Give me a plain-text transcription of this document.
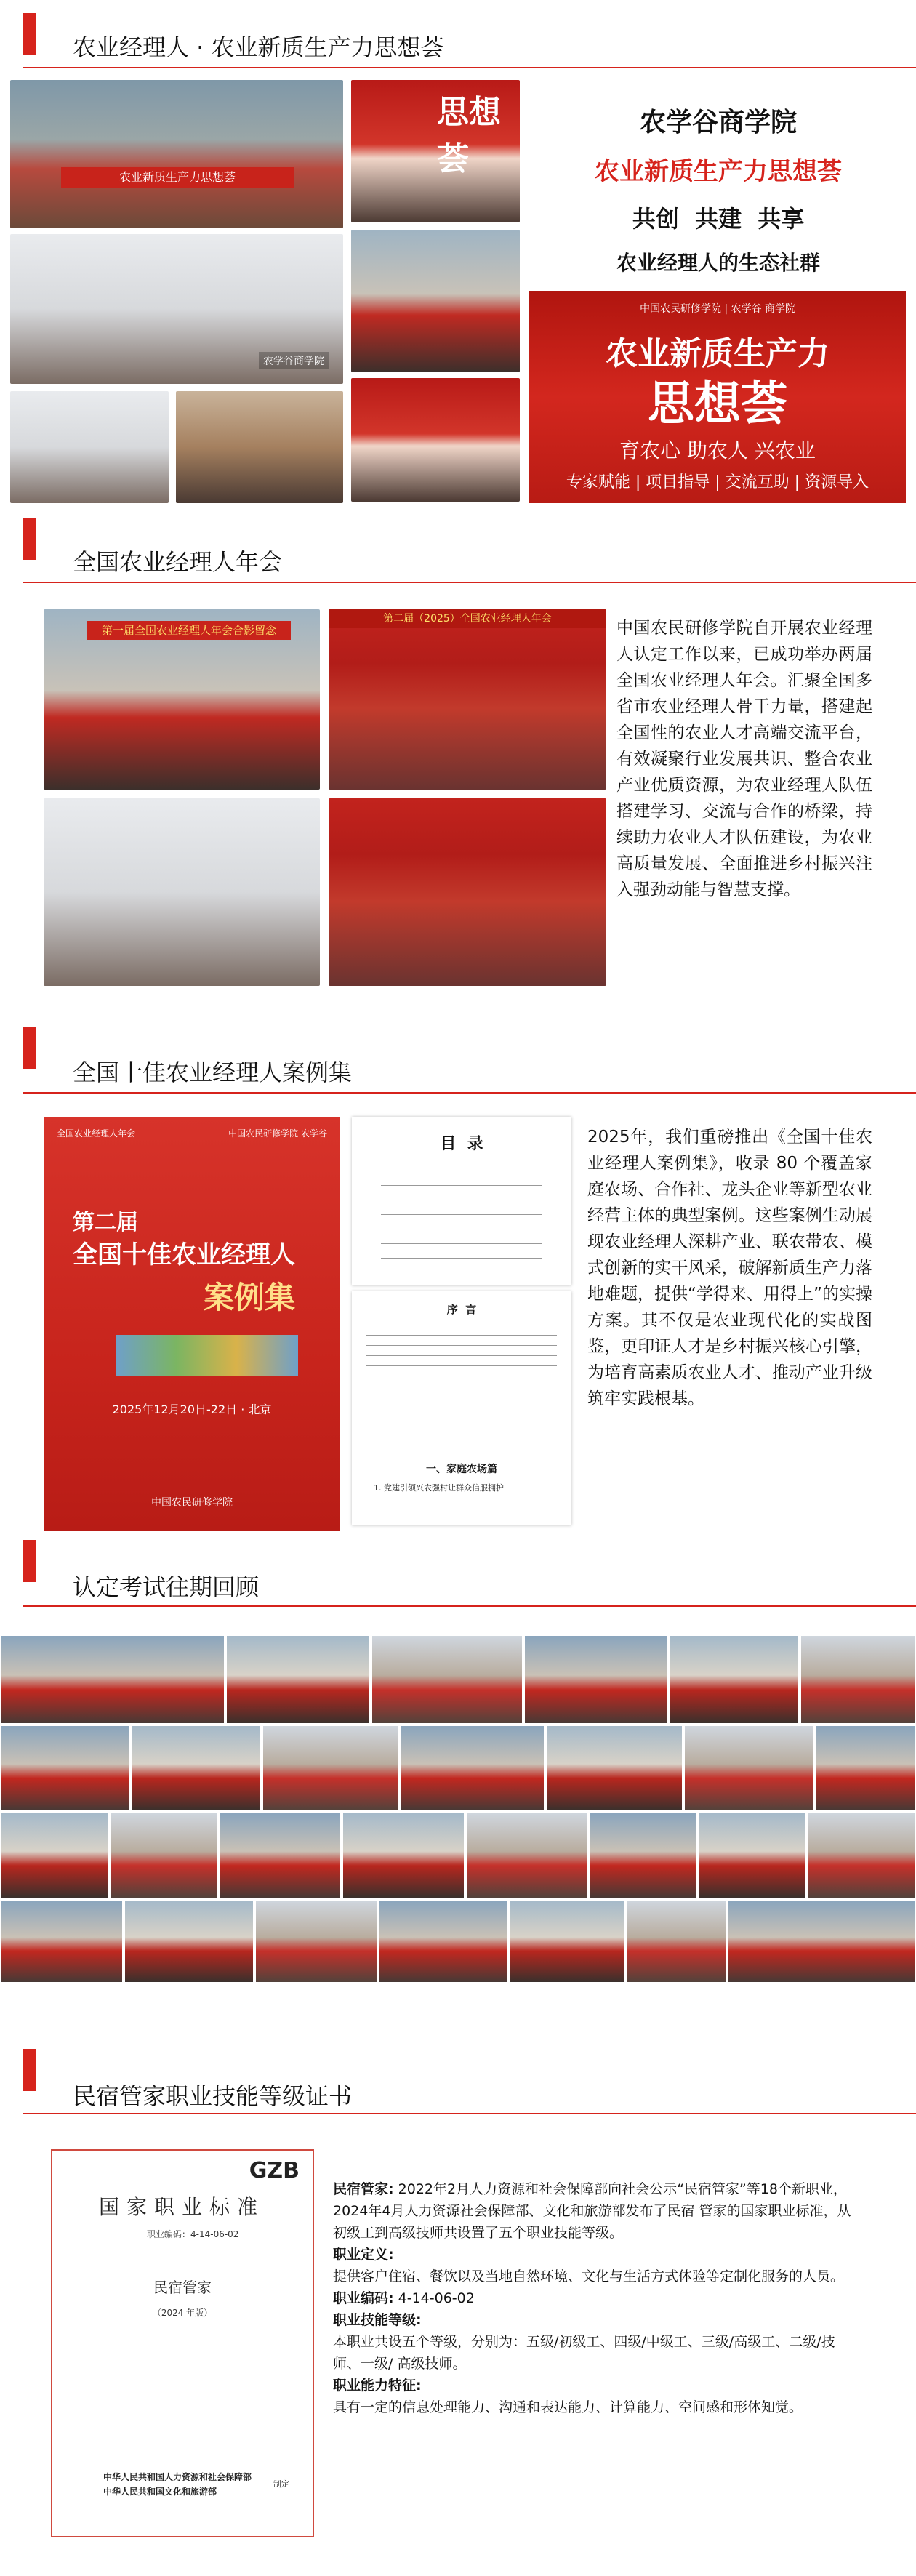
农业经理人 · 农业新质生产力思想荟
农业新质生产力思想荟
思想荟
农学谷商学院
农学谷商学院
农业新质生产力思想荟
共创  共建  共享
农业经理人的生态社群
中国农民研修学院 | 农学谷 商学院
农业新质生产力
思想荟
育农心 助农人 兴农业
专家赋能 | 项目指导 | 交流互助 | 资源导入
全国农业经理人年会
第一届全国农业经理人年会合影留念
第二届（2025）全国农业经理人年会	中国农民研修学院自开展农业经理人认定工作以来，已成功举办两届全国农业经理人年会。汇聚全国多省市农业经理人骨干力量，搭建起全国性的农业人才高端交流平台，有效凝聚行业发展共识、整合农业产业优质资源，为农业经理人队伍搭建学习、交流与合作的桥梁，持续助力农业人才队伍建设，为农业高质量发展、全面推进乡村振兴注入强劲动能与智慧支撑。
全国十佳农业经理人案例集
全国农业经理人年会	中国农民研修学院 农学谷
第二届
全国十佳农业经理人
案例集
2025年12月20日-22日 · 北京
中国农民研修学院
目  录
序  言
一、家庭农场篇
1. 党建引领兴农强村让群众信服拥护
2025年，我们重磅推出《全国十佳农业经理人案例集》，收录 80 个覆盖家庭农场、合作社、龙头企业等新型农业经营主体的典型案例。这些案例生动展现农业经理人深耕产业、联农带农、模式创新的实干风采，破解新质生产力落地难题，提供“学得来、用得上”的实操方案。其不仅是农业现代化的实战图鉴，更印证人才是乡村振兴核心引擎，为培育高素质农业人才、推动产业升级筑牢实践根基。
认定考试往期回顾
民宿管家职业技能等级证书
GZB
国家职业标准
职业编码：4-14-06-02
民宿管家
（2024 年版）
中华人民共和国人力资源和社会保障部
中华人民共和国文化和旅游部
制定
民宿管家: 2022年2月人力资源和社会保障部向社会公示“民宿管家”等18个新职业，2024年4月人力资源社会保障部、文化和旅游部发布了民宿 管家的国家职业标准，从初级工到高级技师共设置了五个职业技能等级。
职业定义:
提供客户住宿、餐饮以及当地自然环境、文化与生活方式体验等定制化服务的人员。
职业编码: 4-14-06-02
职业技能等级:
本职业共设五个等级，分别为：五级/初级工、四级/中级工、三级/高级工、二级/技师、一级/ 高级技师。
职业能力特征:
具有一定的信息处理能力、沟通和表达能力、计算能力、空间感和形体知觉。
